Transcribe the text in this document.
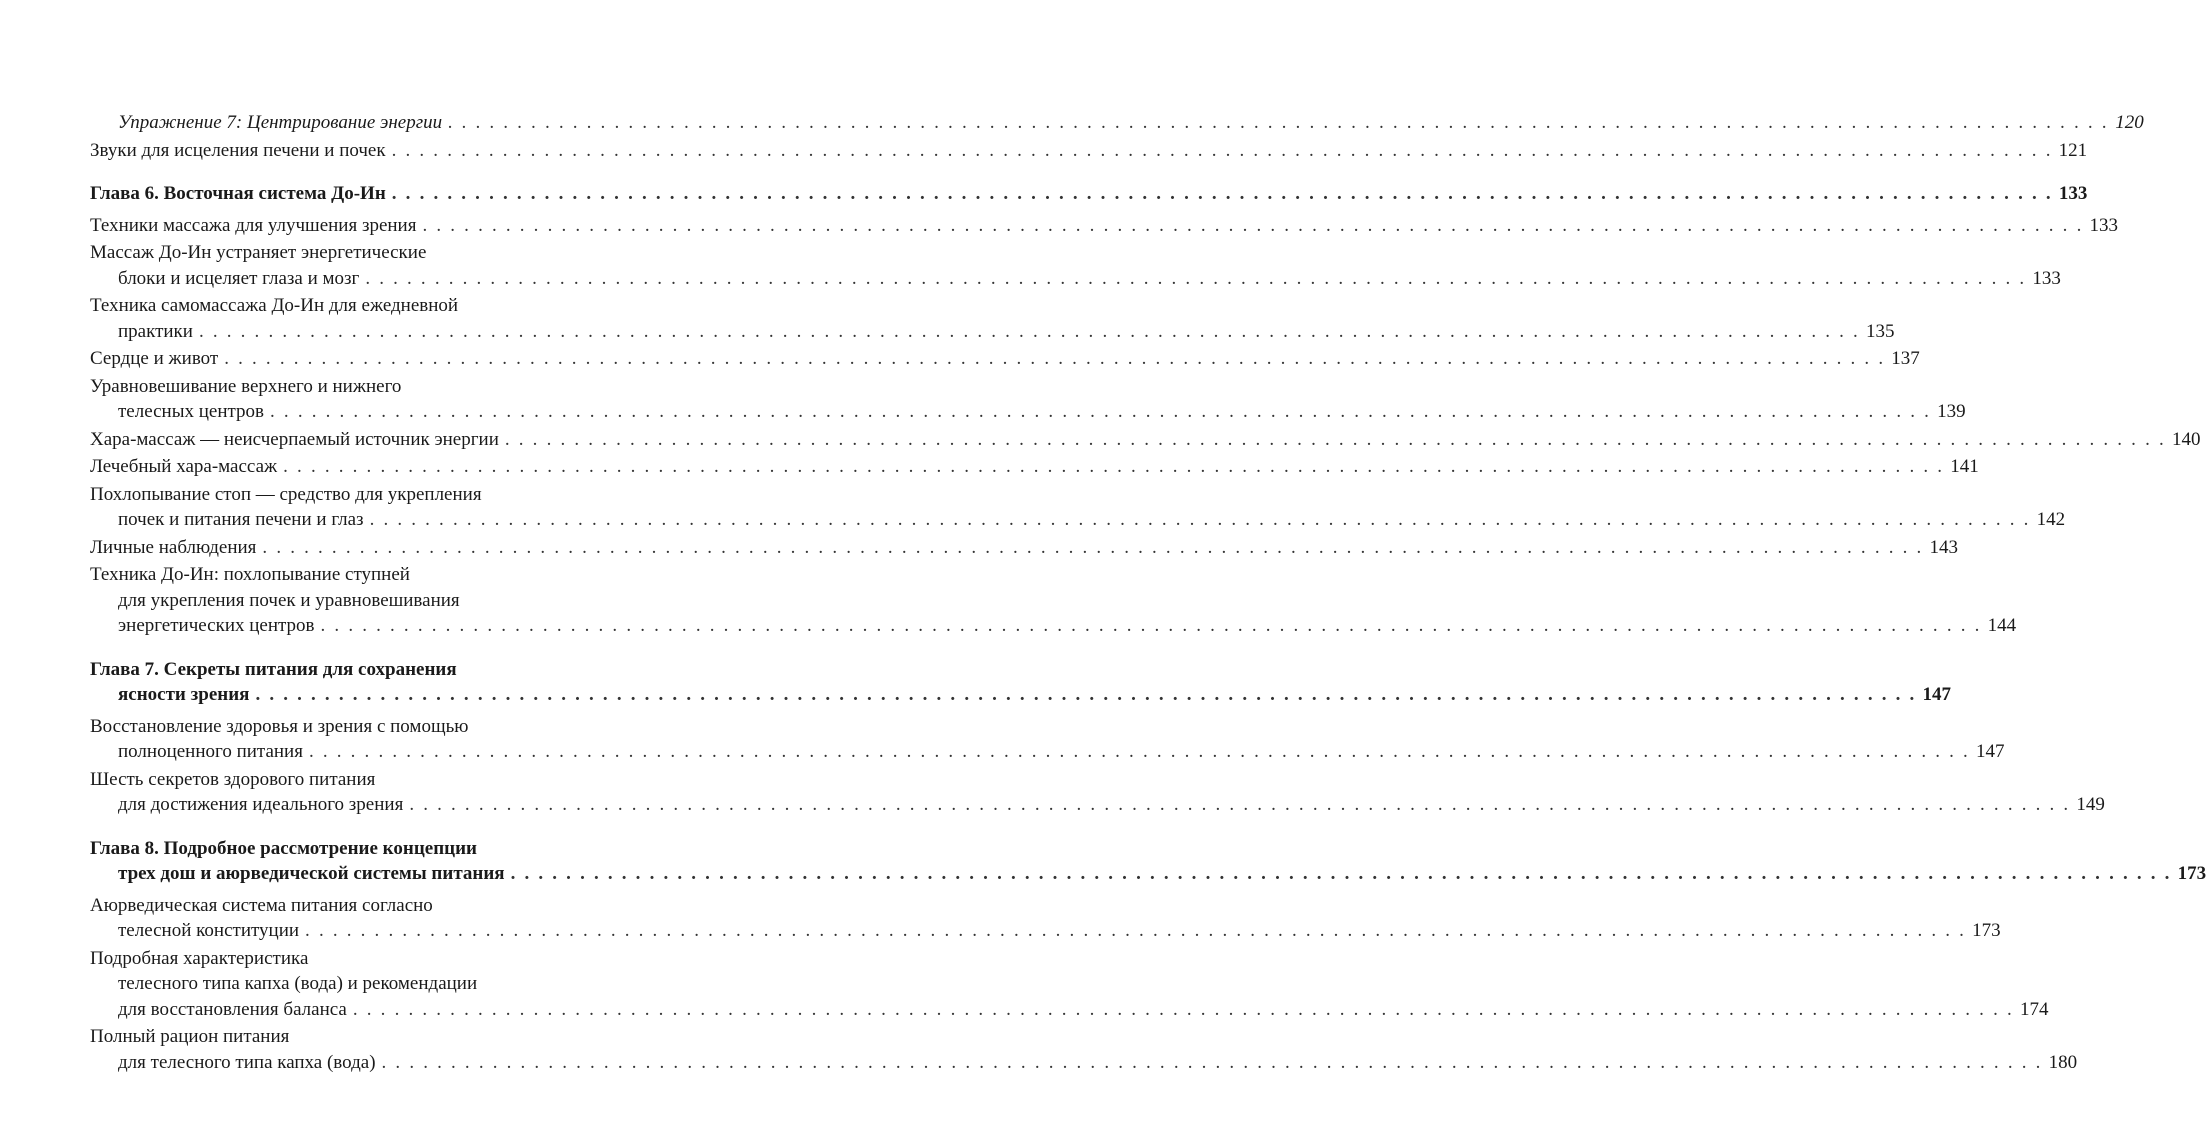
Упражнение 7: Центрирование энергии . . . . . . . . . . . . . . . . . . . . . . . . . . . . . . . . . . . . . . . . . . . . . . . . . . . . . . . . . . . . . . . . . . . . . . . . . . . . . . . . . . . . . . . . . . . . . . . . . . . . . . . . . . . . . . . . . . . . . . . . 120
Звуки для исцеления печени и почек . . . . . . . . . . . . . . . . . . . . . . . . . . . . . . . . . . . . . . . . . . . . . . . . . . . . . . . . . . . . . . . . . . . . . . . . . . . . . . . . . . . . . . . . . . . . . . . . . . . . . . . . . . . . . . . . . . . . . . . . 121
Глава 6. Восточная система До-Ин . . . . . . . . . . . . . . . . . . . . . . . . . . . . . . . . . . . . . . . . . . . . . . . . . . . . . . . . . . . . . . . . . . . . . . . . . . . . . . . . . . . . . . . . . . . . . . . . . . . . . . . . . . . . . . . . . . . . . . . . 133
Техники массажа для улучшения зрения . . . . . . . . . . . . . . . . . . . . . . . . . . . . . . . . . . . . . . . . . . . . . . . . . . . . . . . . . . . . . . . . . . . . . . . . . . . . . . . . . . . . . . . . . . . . . . . . . . . . . . . . . . . . . . . . . . . . . . . . 133
Массаж До-Ин устраняет энергетические
блоки и исцеляет глаза и мозг . . . . . . . . . . . . . . . . . . . . . . . . . . . . . . . . . . . . . . . . . . . . . . . . . . . . . . . . . . . . . . . . . . . . . . . . . . . . . . . . . . . . . . . . . . . . . . . . . . . . . . . . . . . . . . . . . . . . . . . . 133
Техника самомассажа До-Ин для ежедневной
практики . . . . . . . . . . . . . . . . . . . . . . . . . . . . . . . . . . . . . . . . . . . . . . . . . . . . . . . . . . . . . . . . . . . . . . . . . . . . . . . . . . . . . . . . . . . . . . . . . . . . . . . . . . . . . . . . . . . . . . . . 135
Сердце и живот . . . . . . . . . . . . . . . . . . . . . . . . . . . . . . . . . . . . . . . . . . . . . . . . . . . . . . . . . . . . . . . . . . . . . . . . . . . . . . . . . . . . . . . . . . . . . . . . . . . . . . . . . . . . . . . . . . . . . . . . 137
Уравновешивание верхнего и нижнего
телесных центров . . . . . . . . . . . . . . . . . . . . . . . . . . . . . . . . . . . . . . . . . . . . . . . . . . . . . . . . . . . . . . . . . . . . . . . . . . . . . . . . . . . . . . . . . . . . . . . . . . . . . . . . . . . . . . . . . . . . . . . . 139
Хара-массаж — неисчерпаемый источник энергии . . . . . . . . . . . . . . . . . . . . . . . . . . . . . . . . . . . . . . . . . . . . . . . . . . . . . . . . . . . . . . . . . . . . . . . . . . . . . . . . . . . . . . . . . . . . . . . . . . . . . . . . . . . . . . . . . . . . . . . . 140
Лечебный хара-массаж . . . . . . . . . . . . . . . . . . . . . . . . . . . . . . . . . . . . . . . . . . . . . . . . . . . . . . . . . . . . . . . . . . . . . . . . . . . . . . . . . . . . . . . . . . . . . . . . . . . . . . . . . . . . . . . . . . . . . . . . 141
Похлопывание стоп — средство для укрепления
почек и питания печени и глаз . . . . . . . . . . . . . . . . . . . . . . . . . . . . . . . . . . . . . . . . . . . . . . . . . . . . . . . . . . . . . . . . . . . . . . . . . . . . . . . . . . . . . . . . . . . . . . . . . . . . . . . . . . . . . . . . . . . . . . . . 142
Личные наблюдения . . . . . . . . . . . . . . . . . . . . . . . . . . . . . . . . . . . . . . . . . . . . . . . . . . . . . . . . . . . . . . . . . . . . . . . . . . . . . . . . . . . . . . . . . . . . . . . . . . . . . . . . . . . . . . . . . . . . . . . . 143
Техника До-Ин: похлопывание ступней
для укрепления почек и уравновешивания
энергетических центров . . . . . . . . . . . . . . . . . . . . . . . . . . . . . . . . . . . . . . . . . . . . . . . . . . . . . . . . . . . . . . . . . . . . . . . . . . . . . . . . . . . . . . . . . . . . . . . . . . . . . . . . . . . . . . . . . . . . . . . . 144
Глава 7. Секреты питания для сохранения
ясности зрения . . . . . . . . . . . . . . . . . . . . . . . . . . . . . . . . . . . . . . . . . . . . . . . . . . . . . . . . . . . . . . . . . . . . . . . . . . . . . . . . . . . . . . . . . . . . . . . . . . . . . . . . . . . . . . . . . . . . . . . . 147
Восстановление здоровья и зрения с помощью
полноценного питания . . . . . . . . . . . . . . . . . . . . . . . . . . . . . . . . . . . . . . . . . . . . . . . . . . . . . . . . . . . . . . . . . . . . . . . . . . . . . . . . . . . . . . . . . . . . . . . . . . . . . . . . . . . . . . . . . . . . . . . . 147
Шесть секретов здорового питания
для достижения идеального зрения . . . . . . . . . . . . . . . . . . . . . . . . . . . . . . . . . . . . . . . . . . . . . . . . . . . . . . . . . . . . . . . . . . . . . . . . . . . . . . . . . . . . . . . . . . . . . . . . . . . . . . . . . . . . . . . . . . . . . . . . 149
Глава 8. Подробное рассмотрение концепции
трех дош и аюрведической системы питания . . . . . . . . . . . . . . . . . . . . . . . . . . . . . . . . . . . . . . . . . . . . . . . . . . . . . . . . . . . . . . . . . . . . . . . . . . . . . . . . . . . . . . . . . . . . . . . . . . . . . . . . . . . . . . . . . . . . . . . . 173
Аюрведическая система питания согласно
телесной конституции . . . . . . . . . . . . . . . . . . . . . . . . . . . . . . . . . . . . . . . . . . . . . . . . . . . . . . . . . . . . . . . . . . . . . . . . . . . . . . . . . . . . . . . . . . . . . . . . . . . . . . . . . . . . . . . . . . . . . . . . 173
Подробная характеристика
телесного типа капха (вода) и рекомендации
для восстановления баланса . . . . . . . . . . . . . . . . . . . . . . . . . . . . . . . . . . . . . . . . . . . . . . . . . . . . . . . . . . . . . . . . . . . . . . . . . . . . . . . . . . . . . . . . . . . . . . . . . . . . . . . . . . . . . . . . . . . . . . . . 174
Полный рацион питания
для телесного типа капха (вода) . . . . . . . . . . . . . . . . . . . . . . . . . . . . . . . . . . . . . . . . . . . . . . . . . . . . . . . . . . . . . . . . . . . . . . . . . . . . . . . . . . . . . . . . . . . . . . . . . . . . . . . . . . . . . . . . . . . . . . . . 180
